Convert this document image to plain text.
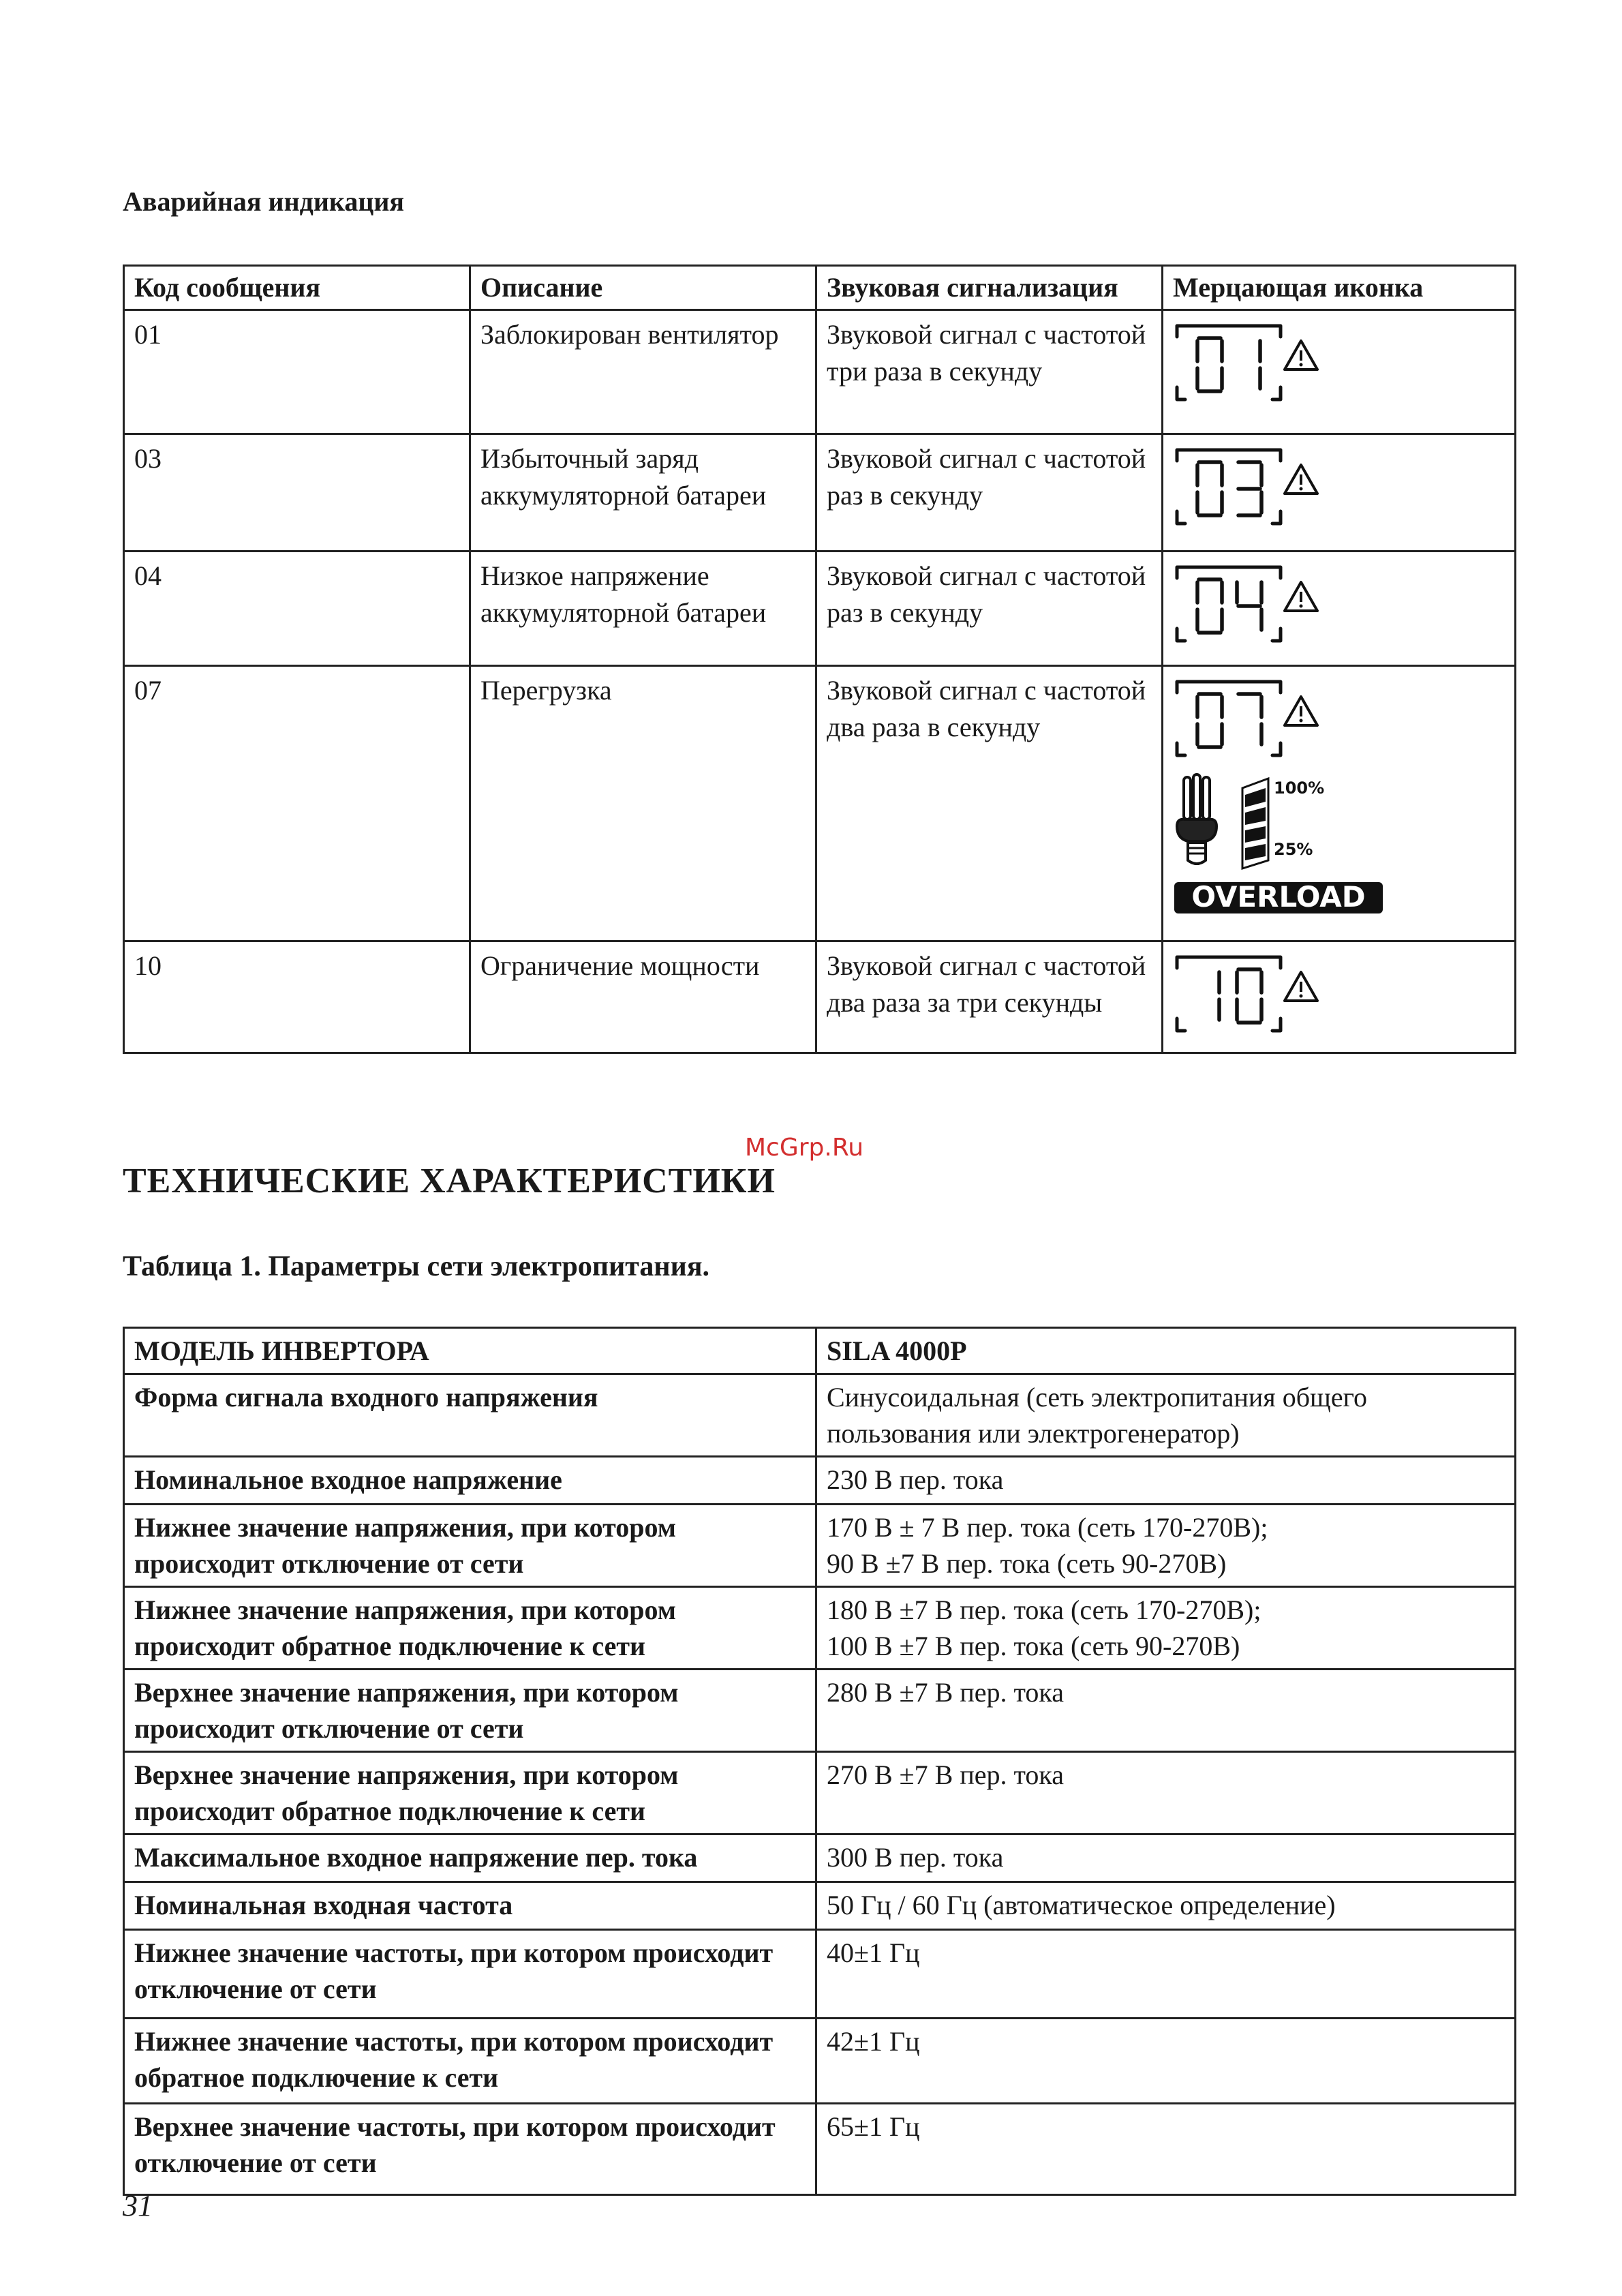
Аварийная индикация
Код сообщения	Описание	Звуковая сигнализация	Мерцающая иконка
01	Заблокирован вентилятор	Звуковой сигнал с частотой три раза в секунду	

03	Избыточный заряд аккумуляторной батареи	Звуковой сигнал с частотой раз в секунду	

04	Низкое напряжение аккумуляторной батареи	Звуковой сигнал с частотой раз в секунду	

07	Перегрузка	Звуковой сигнал с частотой два раза в секунду	100%
25%
OVERLOAD

10	Ограничение мощности	Звуковой сигнал с частотой два раза за три секунды	
McGrp.Ru
ТЕХНИЧЕСКИЕ ХАРАКТЕРИСТИКИ
Таблица 1. Параметры сети электропитания.
МОДЕЛЬ ИНВЕРТОРА	SILA 4000P
Форма сигнала входного напряжения	Синусоидальная (сеть электропитания общего пользования или электрогенератор)
Номинальное входное напряжение	230 В пер. тока
Нижнее значение напряжения, при котором происходит отключение от сети	170 В ± 7 В пер. тока (сеть 170-270В);
90 В ±7 В пер. тока (сеть 90-270В)

Нижнее значение напряжения, при котором происходит обратное подключение к сети	180 В ±7 В пер. тока (сеть 170-270В);
100 В ±7 В пер. тока (сеть 90-270В)

Верхнее значение напряжения, при котором происходит отключение от сети	280 В ±7 В пер. тока
Верхнее значение напряжения, при котором происходит обратное подключение к сети	270 В ±7 В пер. тока
Максимальное входное напряжение пер. тока	300 В пер. тока
Номинальная входная частота	50 Гц / 60 Гц (автоматическое определение)
Нижнее значение частоты, при котором происходит отключение от сети	40±1 Гц
Нижнее значение частоты, при котором происходит обратное подключение к сети	42±1 Гц
Верхнее значение частоты, при котором происходит отключение от сети	65±1 Гц
31
